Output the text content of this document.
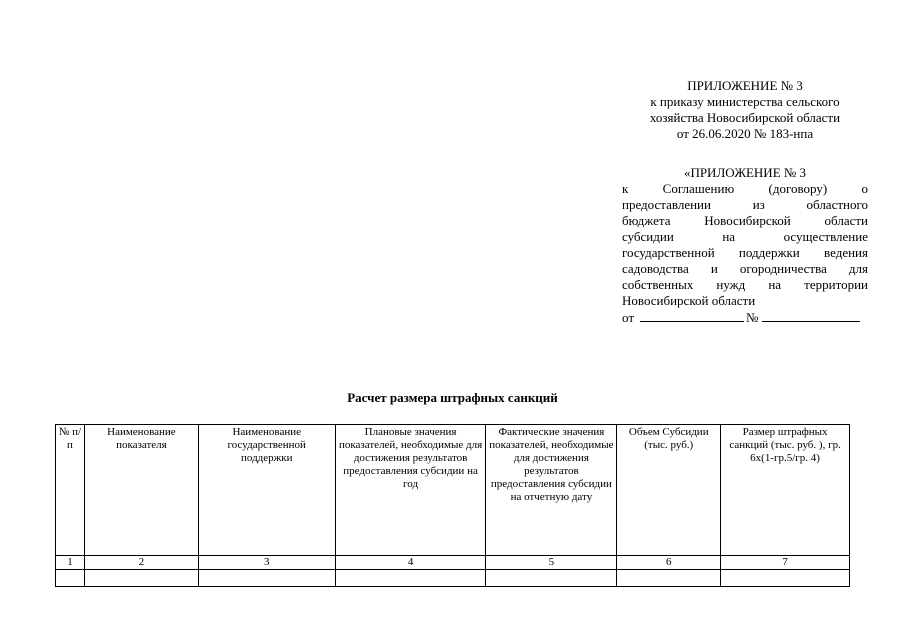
ПРИЛОЖЕНИЕ № 3
к приказу министерства сельского
хозяйства Новосибирской области
от 26.06.2020 № 183-нпа
«ПРИЛОЖЕНИЕ № 3
к Соглашению (договору) о
предоставлении из областного
бюджета Новосибирской области
субсидии на осуществление
государственной поддержки ведения
садоводства и огородничества для
собственных нужд на территории
Новосибирской области
от	№
Расчет размера штрафных санкций
№ п/п	Наименование показателя	Наименование государственной поддержки	Плановые значения показателей, необходимые для достижения результатов предоставления субсидии на год	Фактические значения показателей, необходимые для достижения результатов предоставления субсидии на отчетную дату	Объем Субсидии (тыс. руб.)	Размер штрафных санкций (тыс. руб. ), гр. 6х(1-гр.5/гр. 4)
1	2	3	4	5	6	7
